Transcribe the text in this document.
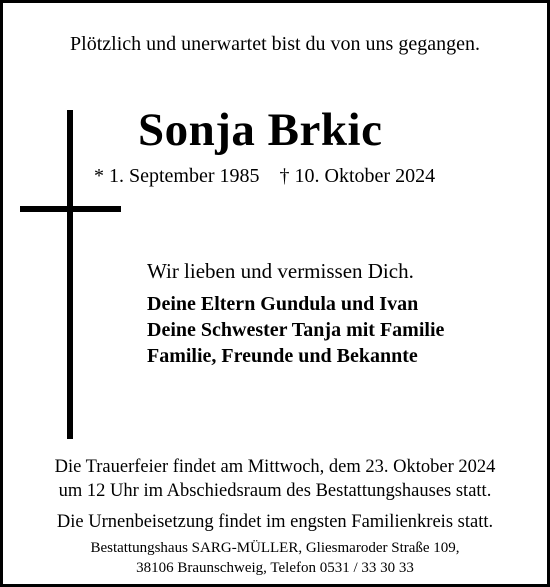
Plötzlich und unerwartet bist du von uns gegangen.
Sonja Brkic
* 1. September 1985 † 10. Oktober 2024
Wir lieben und vermissen Dich.
Deine Eltern Gundula und Ivan
Deine Schwester Tanja mit Familie
Familie, Freunde und Bekannte
Die Trauerfeier findet am Mittwoch, dem 23. Oktober 2024
um 12 Uhr im Abschiedsraum des Bestattungshauses statt.
Die Urnenbeisetzung findet im engsten Familienkreis statt.
Bestattungshaus SARG-MÜLLER, Gliesmaroder Straße 109,
38106 Braunschweig, Telefon 0531 / 33 30 33
